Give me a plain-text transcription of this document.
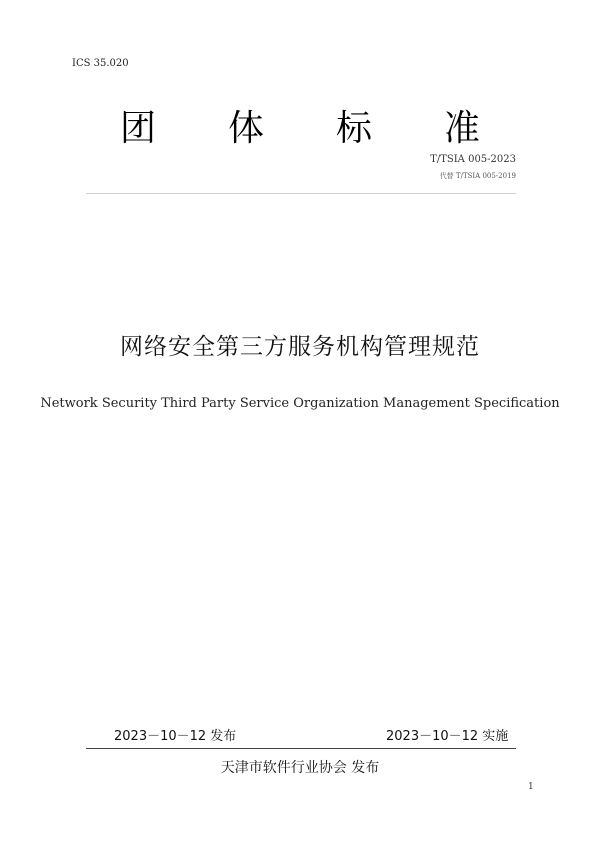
ICS 35.020
团 体 标 准
T/TSIA 005-2023
代替 T/TSIA 005-2019
网络安全第三方服务机构管理规范
Network Security Third Party Service Organization Management Specification
2023－10－12 发布	2023－10－12 实施
天津市软件行业协会 发布
1
